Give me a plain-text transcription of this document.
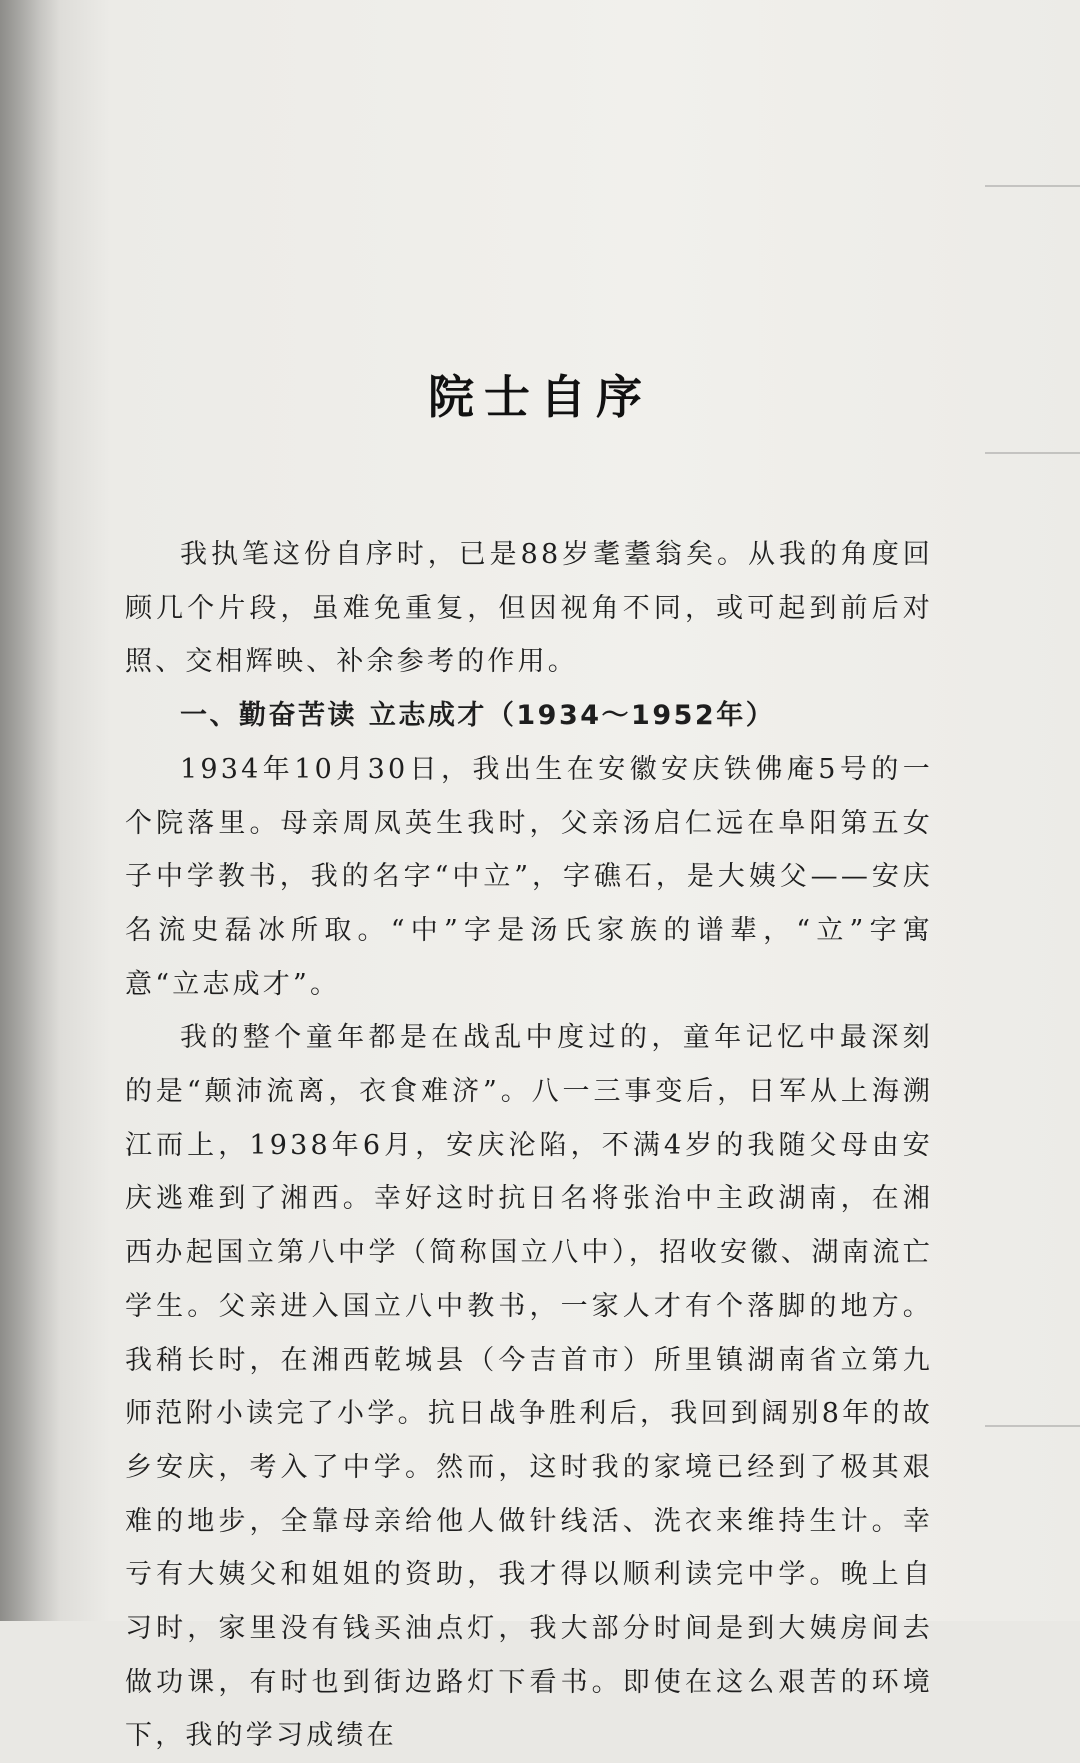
院士自序

我执笔这份自序时，已是88岁耄耋翁矣。从我的角度回顾几个片段，虽难免重复，但因视角不同，或可起到前后对照、交相辉映、补余参考的作用。

一、勤奋苦读 立志成才（1934～1952年）

1934年10月30日，我出生在安徽安庆铁佛庵5号的一个院落里。母亲周凤英生我时，父亲汤启仁远在阜阳第五女子中学教书，我的名字“中立”，字礁石，是大姨父——安庆名流史磊冰所取。“中”字是汤氏家族的谱辈，“立”字寓意“立志成才”。

我的整个童年都是在战乱中度过的，童年记忆中最深刻的是“颠沛流离，衣食难济”。八一三事变后，日军从上海溯江而上，1938年6月，安庆沦陷，不满4岁的我随父母由安庆逃难到了湘西。幸好这时抗日名将张治中主政湖南，在湘西办起国立第八中学（简称国立八中），招收安徽、湖南流亡学生。父亲进入国立八中教书，一家人才有个落脚的地方。我稍长时，在湘西乾城县（今吉首市）所里镇湖南省立第九师范附小读完了小学。抗日战争胜利后，我回到阔别8年的故乡安庆，考入了中学。然而，这时我的家境已经到了极其艰难的地步，全靠母亲给他人做针线活、洗衣来维持生计。幸亏有大姨父和姐姐的资助，我才得以顺利读完中学。晚上自习时，家里没有钱买油点灯，我大部分时间是到大姨房间去做功课，有时也到街边路灯下看书。即使在这么艰苦的环境下，我的学习成绩在
